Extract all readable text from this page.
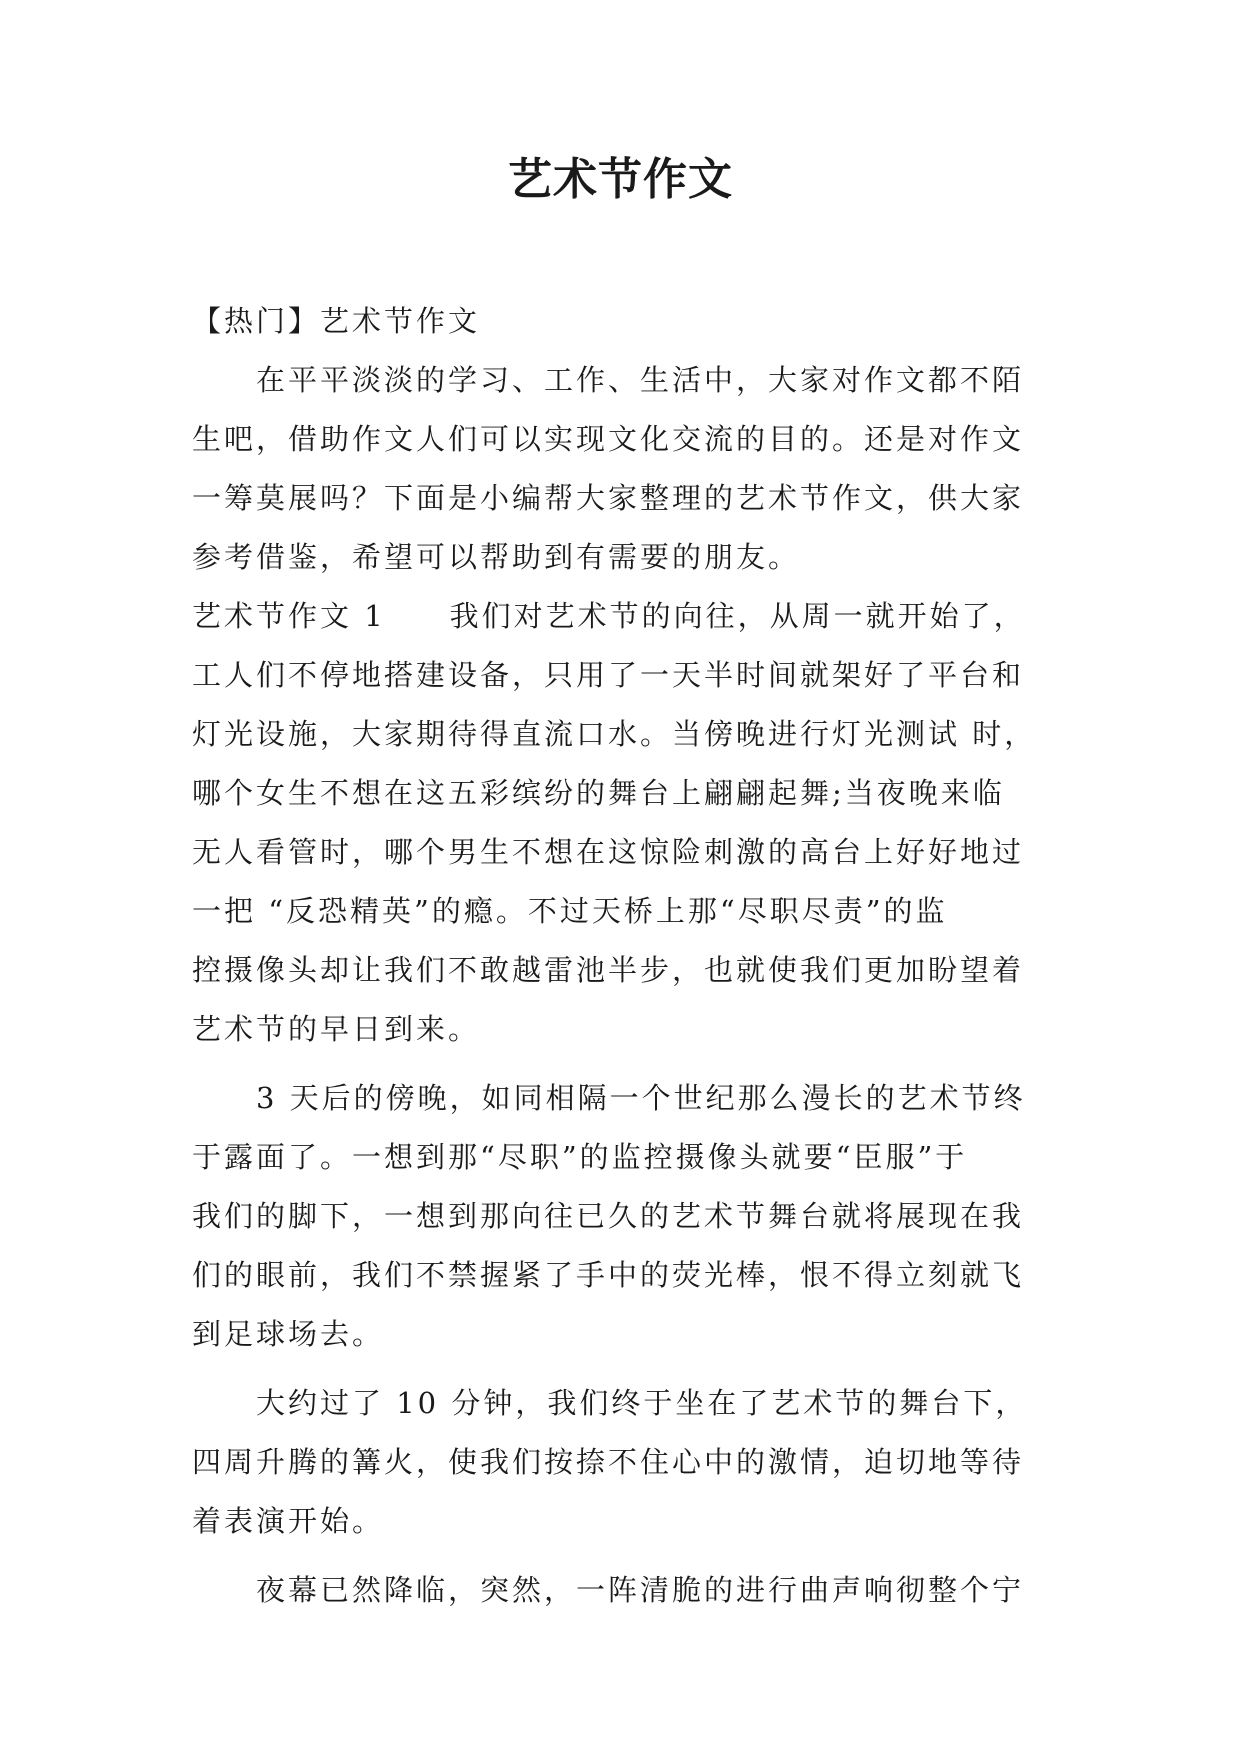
艺术节作文
【热门】艺术节作文
　　在平平淡淡的学习、工作、生活中，大家对作文都不陌
生吧，借助作文人们可以实现文化交流的目的。还是对作文
一筹莫展吗？下面是小编帮大家整理的艺术节作文，供大家
参考借鉴，希望可以帮助到有需要的朋友。
艺术节作文 1　　我们对艺术节的向往，从周一就开始了，
工人们不停地搭建设备，只用了一天半时间就架好了平台和
灯光设施，大家期待得直流口水。当傍晚进行灯光测试 时，
哪个女生不想在这五彩缤纷的舞台上翩翩起舞;当夜晚来临
无人看管时，哪个男生不想在这惊险刺激的高台上好好地过
一把 “反恐精英”的瘾。不过天桥上那“尽职尽责”的监
控摄像头却让我们不敢越雷池半步，也就使我们更加盼望着
艺术节的早日到来。
　　3 天后的傍晚，如同相隔一个世纪那么漫长的艺术节终
于露面了。一想到那“尽职”的监控摄像头就要“臣服”于
我们的脚下，一想到那向往已久的艺术节舞台就将展现在我
们的眼前，我们不禁握紧了手中的荧光棒，恨不得立刻就飞
到足球场去。
　　大约过了 10 分钟，我们终于坐在了艺术节的舞台下，
四周升腾的篝火，使我们按捺不住心中的激情，迫切地等待
着表演开始。
　　夜幕已然降临，突然，一阵清脆的进行曲声响彻整个宁
